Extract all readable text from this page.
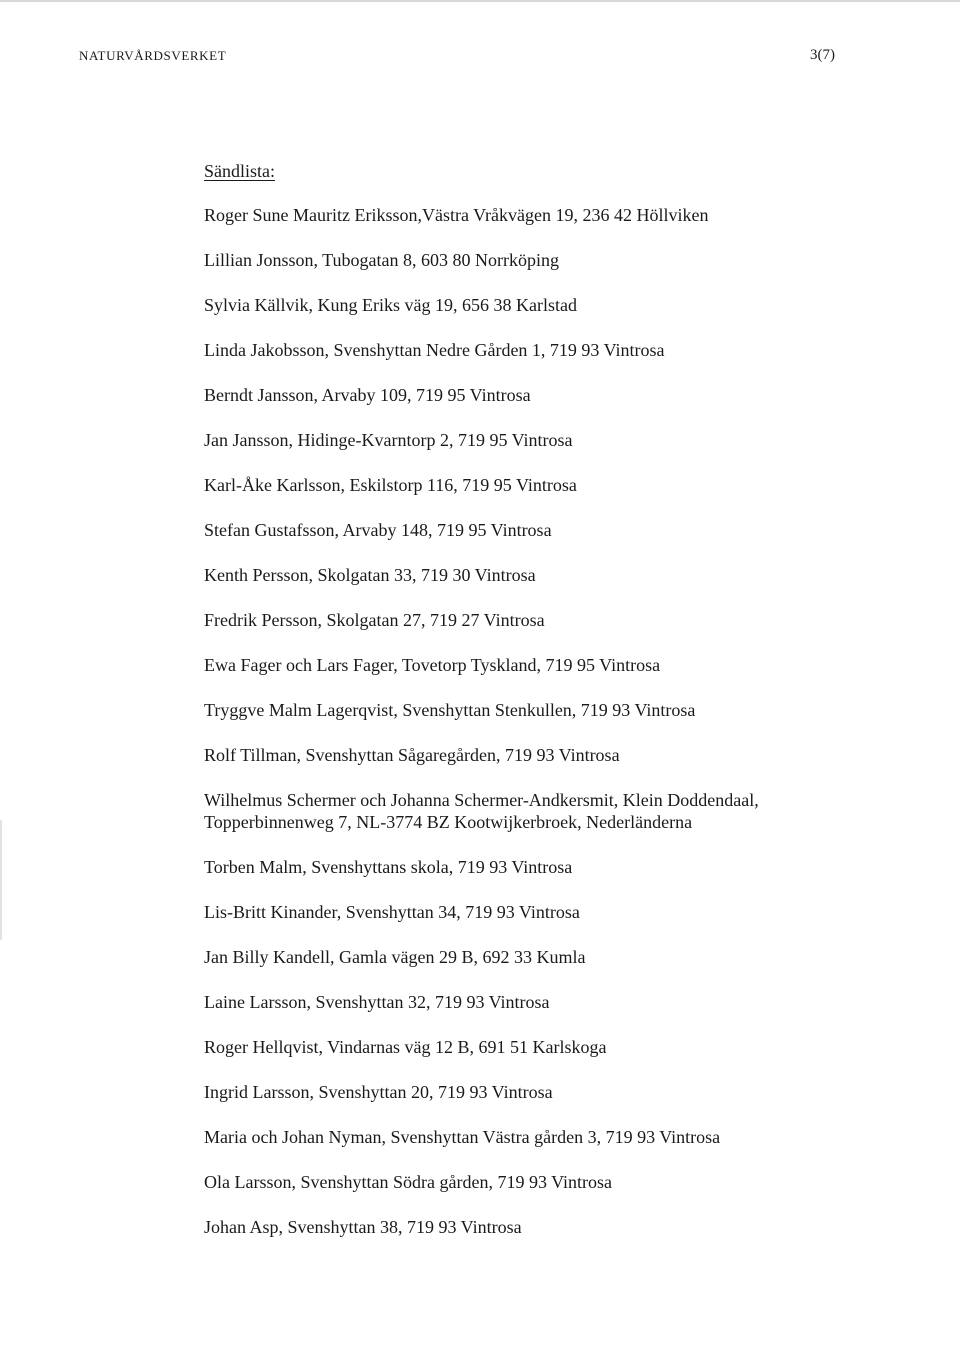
NATURVÅRDSVERKET	3(7)
Sändlista:
Roger Sune Mauritz Eriksson,Västra Vråkvägen 19, 236 42 Höllviken
Lillian Jonsson, Tubogatan 8, 603 80 Norrköping
Sylvia Källvik, Kung Eriks väg 19, 656 38 Karlstad
Linda Jakobsson, Svenshyttan Nedre Gården 1, 719 93 Vintrosa
Berndt Jansson, Arvaby 109, 719 95 Vintrosa
Jan Jansson, Hidinge-Kvarntorp 2, 719 95 Vintrosa
Karl-Åke Karlsson, Eskilstorp 116, 719 95 Vintrosa
Stefan Gustafsson, Arvaby 148, 719 95 Vintrosa
Kenth Persson, Skolgatan 33, 719 30 Vintrosa
Fredrik Persson, Skolgatan 27, 719 27 Vintrosa
Ewa Fager och Lars Fager, Tovetorp Tyskland, 719 95 Vintrosa
Tryggve Malm Lagerqvist, Svenshyttan Stenkullen, 719 93 Vintrosa
Rolf Tillman, Svenshyttan Sågaregården, 719 93 Vintrosa
Wilhelmus Schermer och Johanna Schermer-Andkersmit, Klein Doddendaal,
Topperbinnenweg 7, NL-3774 BZ Kootwijkerbroek, Nederländerna
Torben Malm, Svenshyttans skola, 719 93 Vintrosa
Lis-Britt Kinander, Svenshyttan 34, 719 93 Vintrosa
Jan Billy Kandell, Gamla vägen 29 B, 692 33 Kumla
Laine Larsson, Svenshyttan 32, 719 93 Vintrosa
Roger Hellqvist, Vindarnas väg 12 B, 691 51 Karlskoga
Ingrid Larsson, Svenshyttan 20, 719 93 Vintrosa
Maria och Johan Nyman, Svenshyttan Västra gården 3, 719 93 Vintrosa
Ola Larsson, Svenshyttan Södra gården, 719 93 Vintrosa
Johan Asp, Svenshyttan 38, 719 93 Vintrosa
